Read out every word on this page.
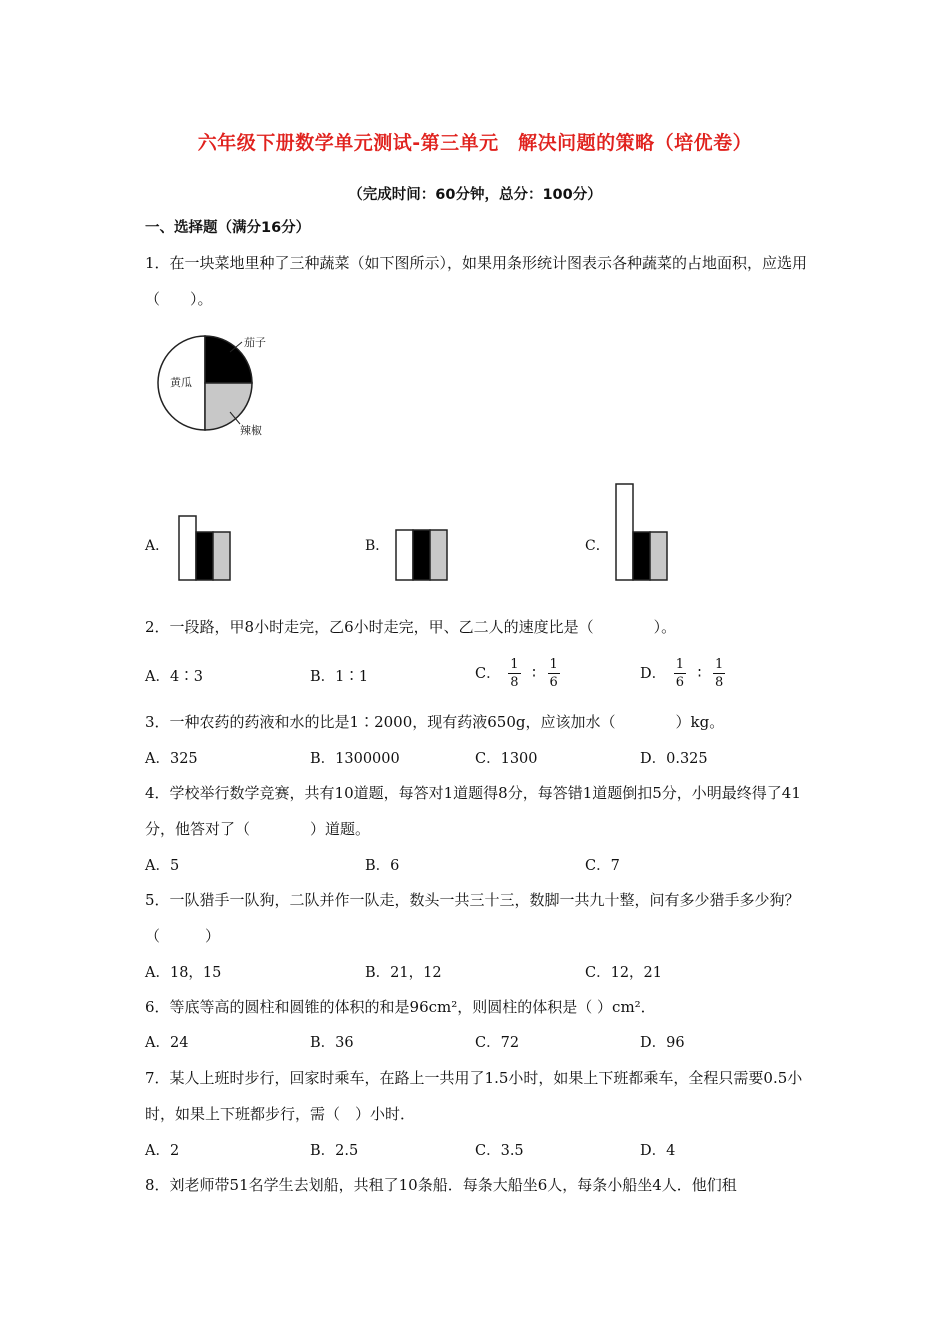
六年级下册数学单元测试-第三单元　解决问题的策略（培优卷）
（完成时间：60分钟，总分：100分）
一、选择题（满分16分）
1．在一块菜地里种了三种蔬菜（如下图所示），如果用条形统计图表示各种蔬菜的占地面积，应选用（　　）。
茄子
黄瓜
辣椒
A．	B．	C．
2．一段路，甲8小时走完，乙6小时走完，甲、乙二人的速度比是（　　　　）。
A．4∶3	B．1∶1	C． $\frac{1}{8}$ ∶ $\frac{1}{6}$	D． $\frac{1}{6}$ ∶ $\frac{1}{8}$
3．一种农药的药液和水的比是1∶2000，现有药液650g，应该加水（　　　　）kg。
A．325	B．1300000	C．1300	D．0.325
4．学校举行数学竞赛，共有10道题，每答对1道题得8分，每答错1道题倒扣5分，小明最终得了41分，他答对了（　　　　）道题。
A．5	B．6	C．7
5．一队猎手一队狗，二队并作一队走，数头一共三十三，数脚一共九十整，问有多少猎手多少狗？（　　　）
A．18，15	B．21，12	C．12，21
6．等底等高的圆柱和圆锥的体积的和是96cm²，则圆柱的体积是（ ）cm²．
A．24	B．36	C．72	D．96
7．某人上班时步行，回家时乘车，在路上一共用了1.5小时，如果上下班都乘车，全程只需要0.5小时，如果上下班都步行，需（　）小时．
A．2	B．2.5	C．3.5	D．4
8．刘老师带51名学生去划船，共租了10条船．每条大船坐6人，每条小船坐4人．他们租
